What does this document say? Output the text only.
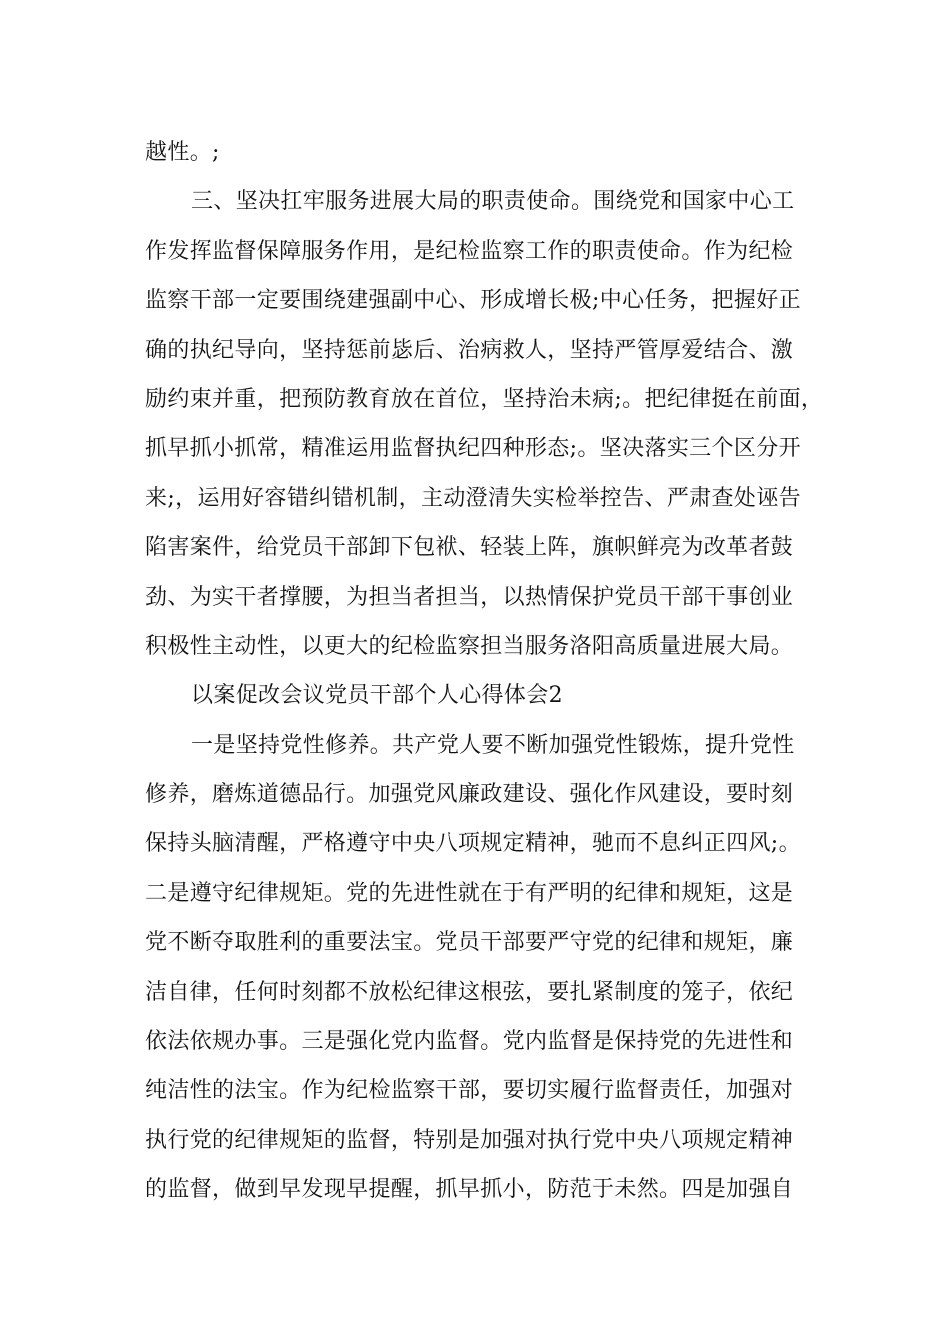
越性。;
三、坚决扛牢服务进展大局的职责使命。围绕党和国家中心工
作发挥监督保障服务作用，是纪检监察工作的职责使命。作为纪检
监察干部一定要围绕建强副中心、形成增长极;中心任务，把握好正
确的执纪导向，坚持惩前毖后、治病救人，坚持严管厚爱结合、激
励约束并重，把预防教育放在首位，坚持治未病;。把纪律挺在前面，
抓早抓小抓常，精准运用监督执纪四种形态;。坚决落实三个区分开
来;，运用好容错纠错机制，主动澄清失实检举控告、严肃查处诬告
陷害案件，给党员干部卸下包袱、轻装上阵，旗帜鲜亮为改革者鼓
劲、为实干者撑腰，为担当者担当，以热情保护党员干部干事创业
积极性主动性，以更大的纪检监察担当服务洛阳高质量进展大局。
以案促改会议党员干部个人心得体会2
一是坚持党性修养。共产党人要不断加强党性锻炼，提升党性
修养，磨炼道德品行。加强党风廉政建设、强化作风建设，要时刻
保持头脑清醒，严格遵守中央八项规定精神，驰而不息纠正四风;。
二是遵守纪律规矩。党的先进性就在于有严明的纪律和规矩，这是
党不断夺取胜利的重要法宝。党员干部要严守党的纪律和规矩，廉
洁自律，任何时刻都不放松纪律这根弦，要扎紧制度的笼子，依纪
依法依规办事。三是强化党内监督。党内监督是保持党的先进性和
纯洁性的法宝。作为纪检监察干部，要切实履行监督责任，加强对
执行党的纪律规矩的监督，特别是加强对执行党中央八项规定精神
的监督，做到早发现早提醒，抓早抓小，防范于未然。四是加强自
